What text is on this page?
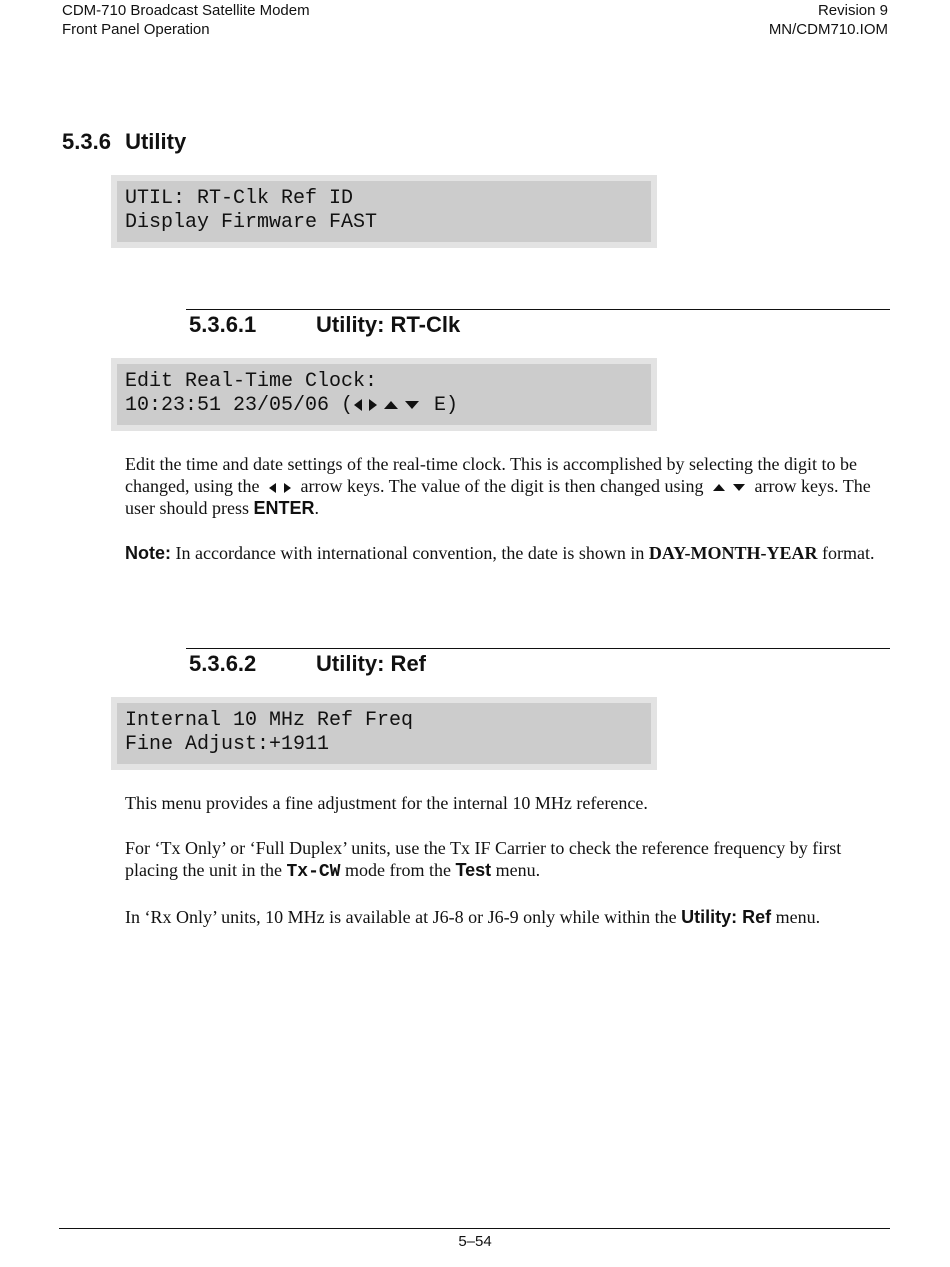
CDM-710 Broadcast Satellite Modem
Front Panel Operation
Revision 9
MN/CDM710.IOM
5.3.6 Utility
UTIL: RT-Clk Ref ID
Display Firmware FAST
5.3.6.1	Utility: RT-Clk
Edit Real-Time Clock:
10:23:51 23/05/06 (	E)
Edit the time and date settings of the real-time clock. This is accomplished by selecting the digit to be changed, using the arrow keys. The value of the digit is then changed using	arrow keys. The user should press ENTER.
Note: In accordance with international convention, the date is shown in DAY-MONTH-YEAR format.
5.3.6.2	Utility: Ref
Internal 10 MHz Ref Freq
Fine Adjust:+1911
This menu provides a fine adjustment for the internal 10 MHz reference.
For ‘Tx Only’ or ‘Full Duplex’ units, use the Tx IF Carrier to check the reference frequency by first placing the unit in the Tx-CW mode from the Test menu.
In ‘Rx Only’ units, 10 MHz is available at J6-8 or J6-9 only while within the Utility: Ref menu.
5–54
